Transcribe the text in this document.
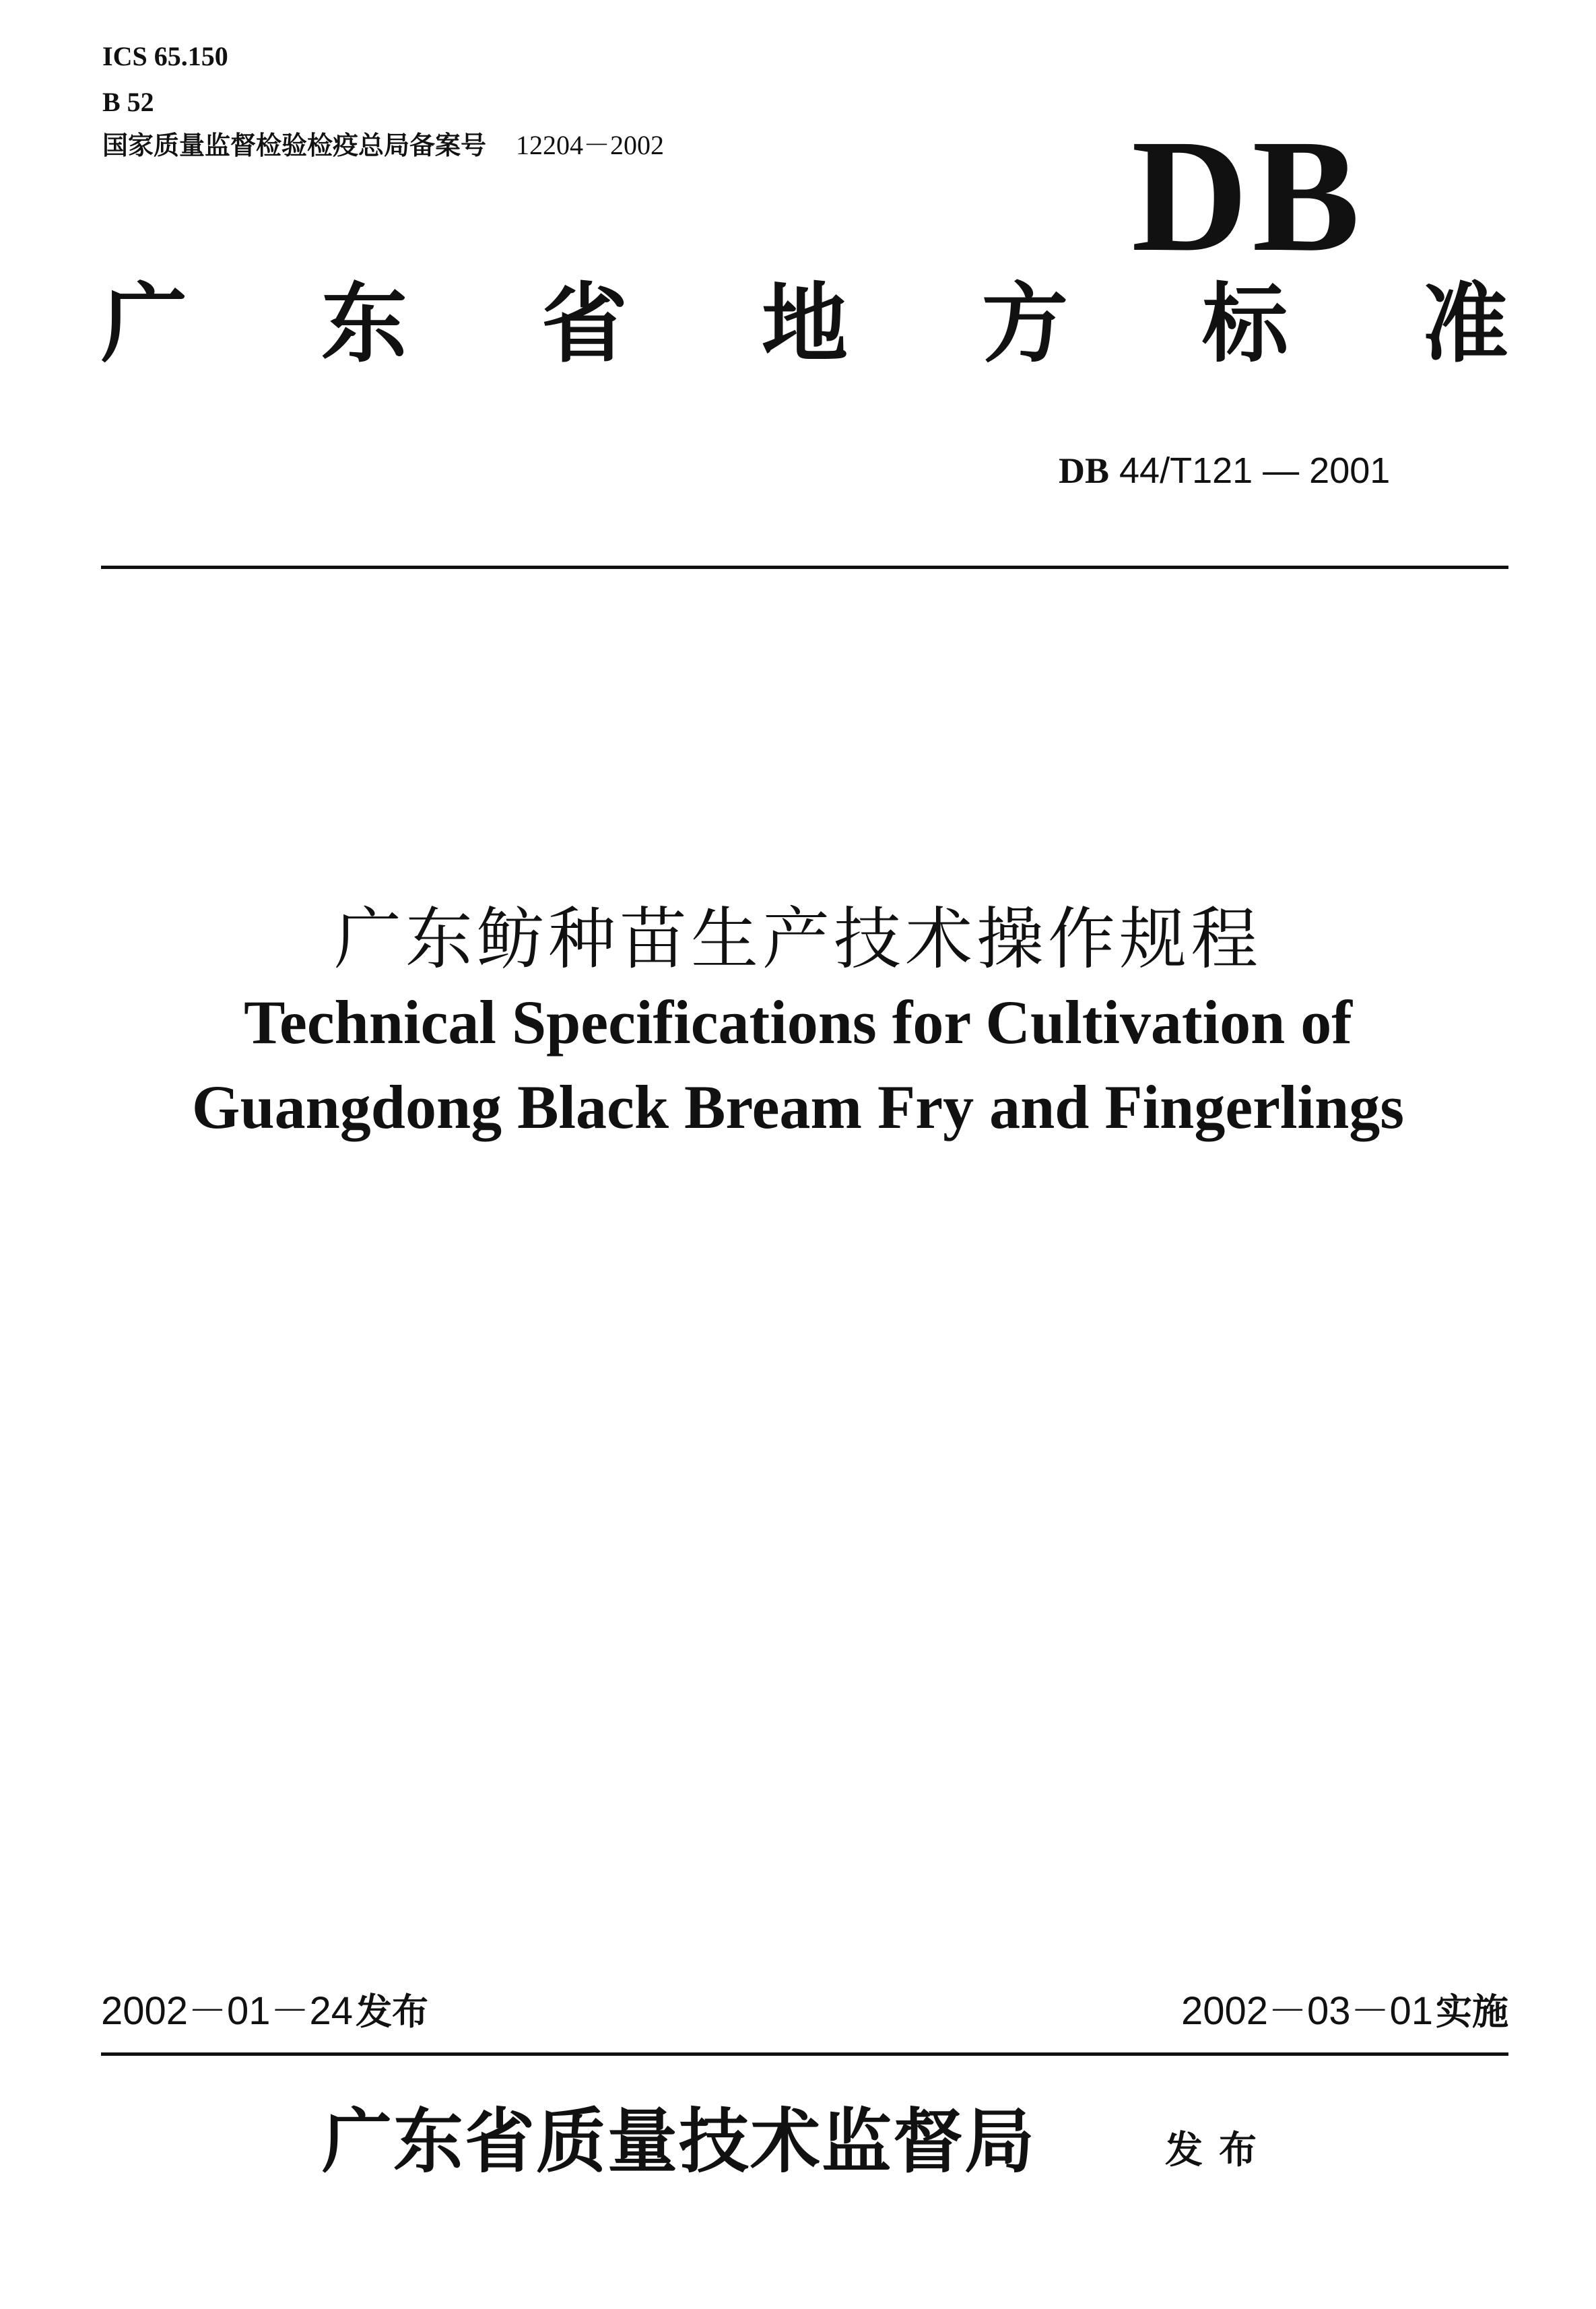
ICS 65.150
B 52
国家质量监督检验检疫总局备案号 12204－2002	DB
广 东 省 地 方 标 准
DB 44/T121 — 2001
广东鲂种苗生产技术操作规程
Technical Specifications for Cultivation of
Guangdong Black Bream Fry and Fingerlings
2002－01－24发布	2002－03－01实施
广东省质量技术监督局	发布
